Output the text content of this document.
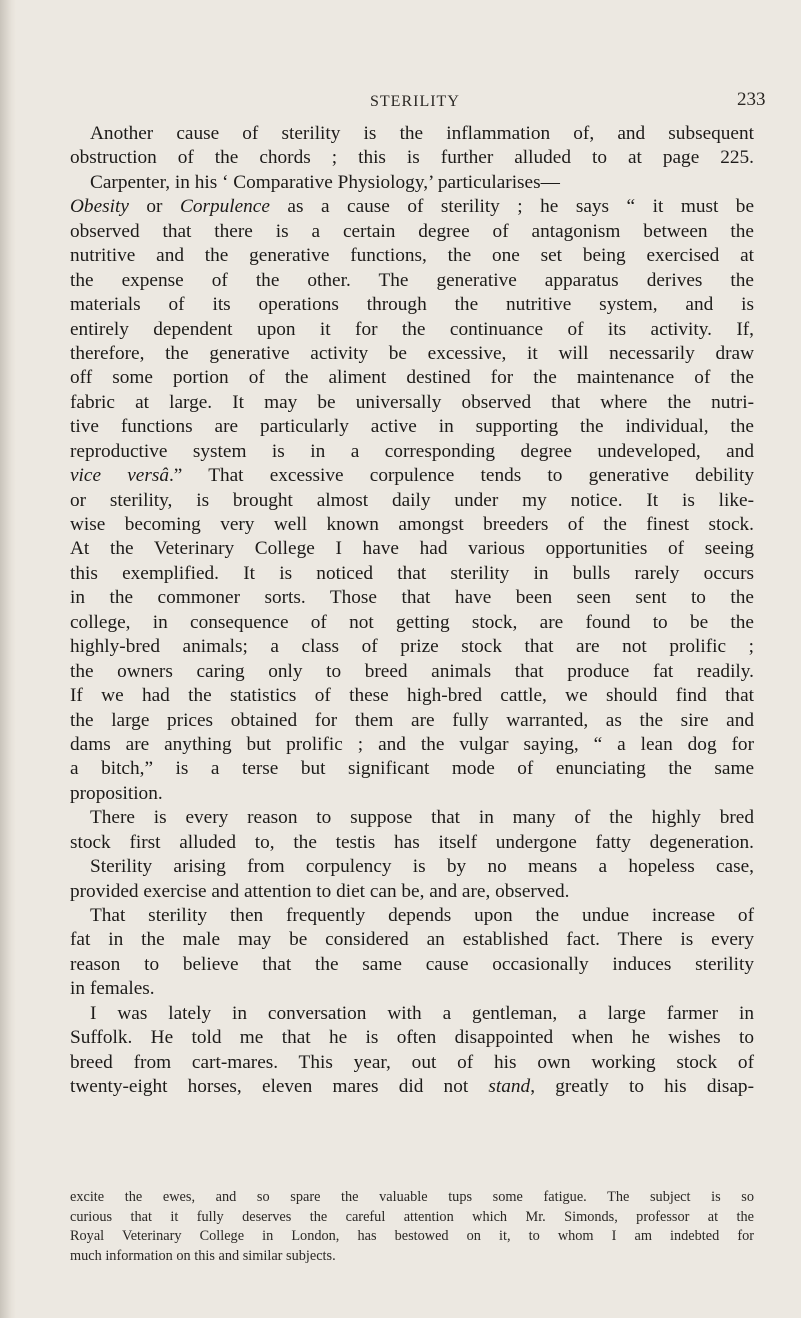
STERILITY	233
Another cause of sterility is the inflammation of, and subsequent
obstruction of the chords ; this is further alluded to at page 225.
Carpenter, in his ‘ Comparative Physiology,’ particularises—
Obesity or Corpulence as a cause of sterility ; he says “ it must be
observed that there is a certain degree of antagonism between the
nutritive and the generative functions, the one set being exercised at
the expense of the other. The generative apparatus derives the
materials of its operations through the nutritive system, and is
entirely dependent upon it for the continuance of its activity. If,
therefore, the generative activity be excessive, it will necessarily draw
off some portion of the aliment destined for the maintenance of the
fabric at large. It may be universally observed that where the nutri-
tive functions are particularly active in supporting the individual, the
reproductive system is in a corresponding degree undeveloped, and
vice versâ.” That excessive corpulence tends to generative debility
or sterility, is brought almost daily under my notice. It is like-
wise becoming very well known amongst breeders of the finest stock.
At the Veterinary College I have had various opportunities of seeing
this exemplified. It is noticed that sterility in bulls rarely occurs
in the commoner sorts. Those that have been seen sent to the
college, in consequence of not getting stock, are found to be the
highly-bred animals; a class of prize stock that are not prolific ;
the owners caring only to breed animals that produce fat readily.
If we had the statistics of these high-bred cattle, we should find that
the large prices obtained for them are fully warranted, as the sire and
dams are anything but prolific ; and the vulgar saying, “ a lean dog for
a bitch,” is a terse but significant mode of enunciating the same
proposition.
There is every reason to suppose that in many of the highly bred
stock first alluded to, the testis has itself undergone fatty degeneration.
Sterility arising from corpulency is by no means a hopeless case,
provided exercise and attention to diet can be, and are, observed.
That sterility then frequently depends upon the undue increase of
fat in the male may be considered an established fact. There is every
reason to believe that the same cause occasionally induces sterility
in females.
I was lately in conversation with a gentleman, a large farmer in
Suffolk. He told me that he is often disappointed when he wishes to
breed from cart-mares. This year, out of his own working stock of
twenty-eight horses, eleven mares did not stand, greatly to his disap-
excite the ewes, and so spare the valuable tups some fatigue. The subject is so
curious that it fully deserves the careful attention which Mr. Simonds, professor at the
Royal Veterinary College in London, has bestowed on it, to whom I am indebted for
much information on this and similar subjects.
